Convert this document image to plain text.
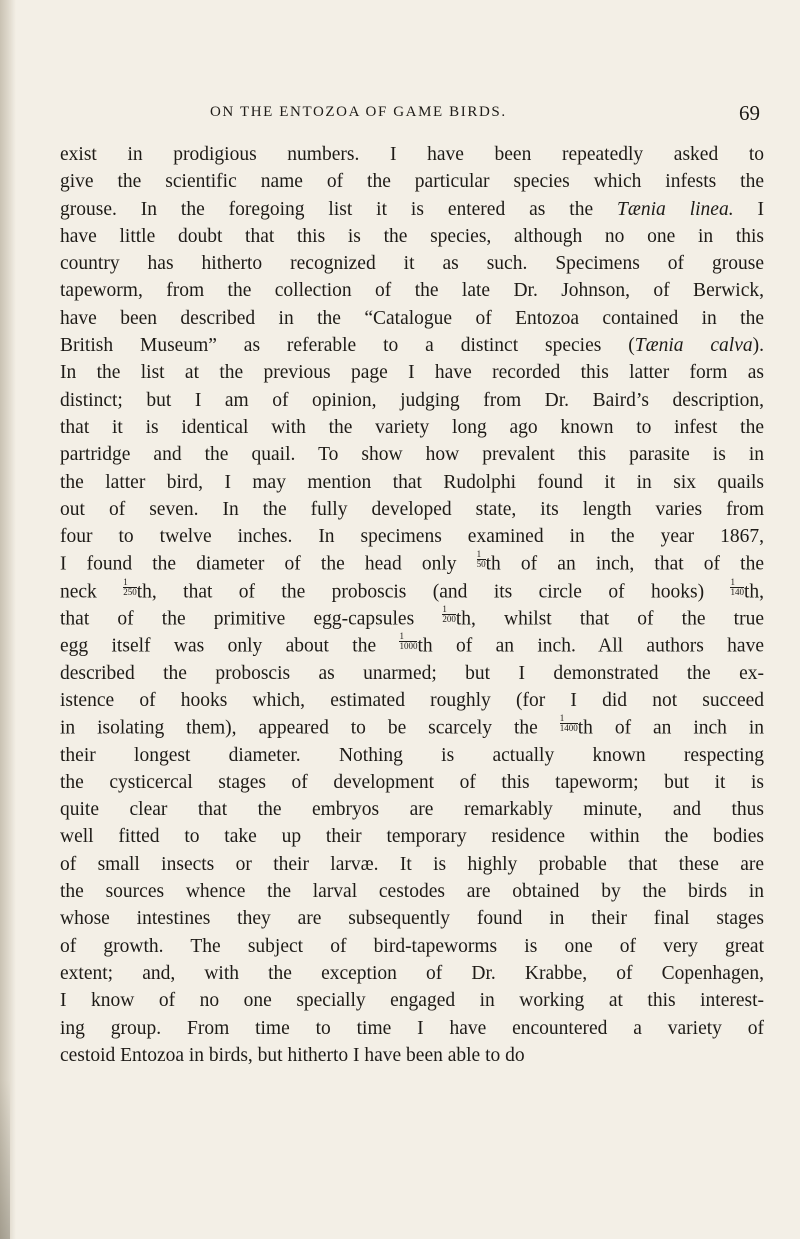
ON THE ENTOZOA OF GAME BIRDS.	69
exist in prodigious numbers. I have been repeatedly asked to
give the scientific name of the particular species which infests the
grouse. In the foregoing list it is entered as the Tænia linea. I
have little doubt that this is the species, although no one in this
country has hitherto recognized it as such. Specimens of grouse
tapeworm, from the collection of the late Dr. Johnson, of Berwick,
have been described in the “Catalogue of Entozoa contained in the
British Museum” as referable to a distinct species (Tænia calva).
In the list at the previous page I have recorded this latter form as
distinct; but I am of opinion, judging from Dr. Baird’s description,
that it is identical with the variety long ago known to infest the
partridge and the quail. To show how prevalent this parasite is in
the latter bird, I may mention that Rudolphi found it in six quails
out of seven. In the fully developed state, its length varies from
four to twelve inches. In specimens examined in the year 1867,
I found the diameter of the head only $\frac{1}{50}$ th of an inch, that of the
neck $\frac{1}{250}$ th, that of the proboscis (and its circle of hooks) $\frac{1}{140}$ th,
that of the primitive egg-capsules $\frac{1}{200}$ th, whilst that of the true
egg itself was only about the $\frac{1}{1000}$ th of an inch. All authors have
described the proboscis as unarmed; but I demonstrated the ex-
istence of hooks which, estimated roughly (for I did not succeed
in isolating them), appeared to be scarcely the $\frac{1}{1400}$ th of an inch in
their longest diameter. Nothing is actually known respecting
the cysticercal stages of development of this tapeworm; but it is
quite clear that the embryos are remarkably minute, and thus
well fitted to take up their temporary residence within the bodies
of small insects or their larvæ. It is highly probable that these are
the sources whence the larval cestodes are obtained by the birds in
whose intestines they are subsequently found in their final stages
of growth. The subject of bird-tapeworms is one of very great
extent; and, with the exception of Dr. Krabbe, of Copenhagen,
I know of no one specially engaged in working at this interest-
ing group. From time to time I have encountered a variety of
cestoid Entozoa in birds, but hitherto I have been able to do
